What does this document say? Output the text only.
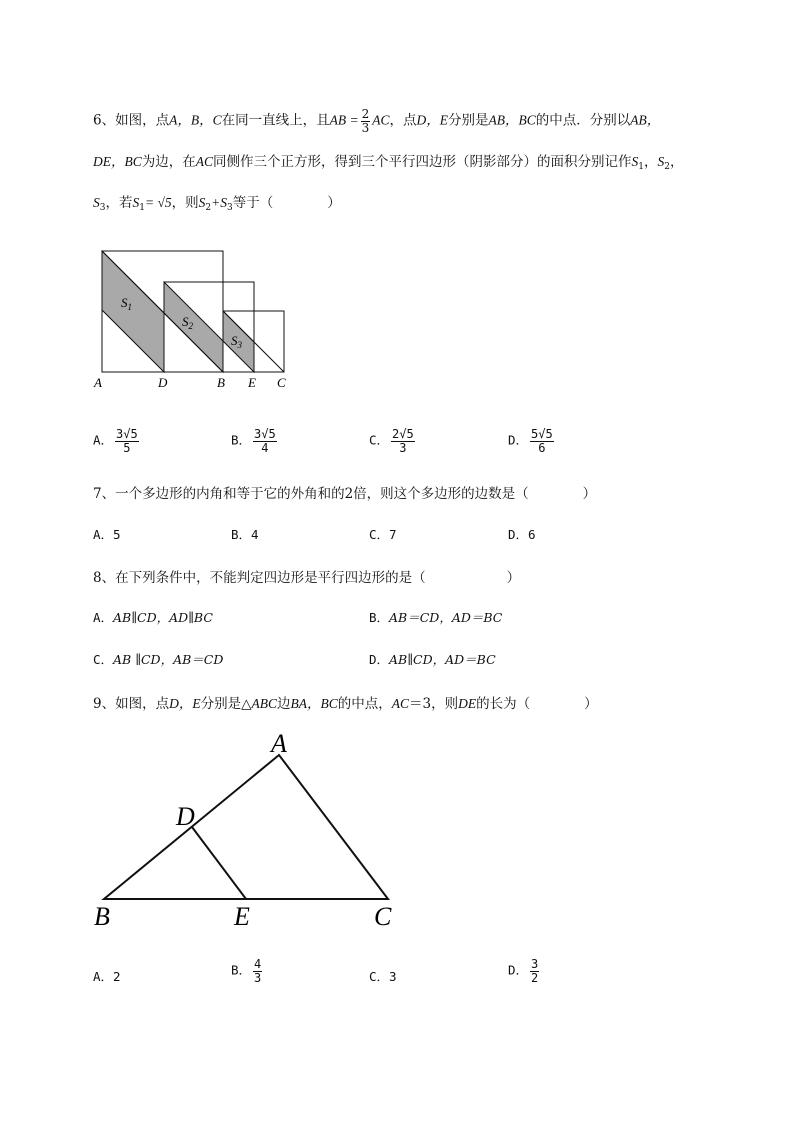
6、如图，点A，B，C在同一直线上，且AB = $\frac{2}{3}$ AC，点D，E分别是AB，BC的中点．分别以AB，
DE，BC为边，在AC同侧作三个正方形，得到三个平行四边形（阴影部分）的面积分别记作$S_1$，$S_2$，
$S_3$，若$S_1= √5$，则$S_2+S_3$等于（　　　　）
$S_1$
$S_2$
$S_3$
A	D	B E C
A． $\frac{3√5}{5}$	B． $\frac{3√5}{4}$	C． $\frac{2√5}{3}$	D． $\frac{5√5}{6}$
7、一个多边形的内角和等于它的外角和的2倍，则这个多边形的边数是（　　　　）
A．5	B．4	C．7	D．6
8、在下列条件中，不能判定四边形是平行四边形的是（　　　　　　）
A．AB∥CD，AD∥BC	B．AB＝CD，AD＝BC
C．AB ∥CD，AB＝CD	D．AB∥CD，AD＝BC
9、如图，点D，E分别是△ABC边BA，BC的中点，AC＝3，则DE的长为（　　　　）
A
D
B	E	C
A．2	B． $\frac{4}{3}$	C．3	D． $\frac{3}{2}$
